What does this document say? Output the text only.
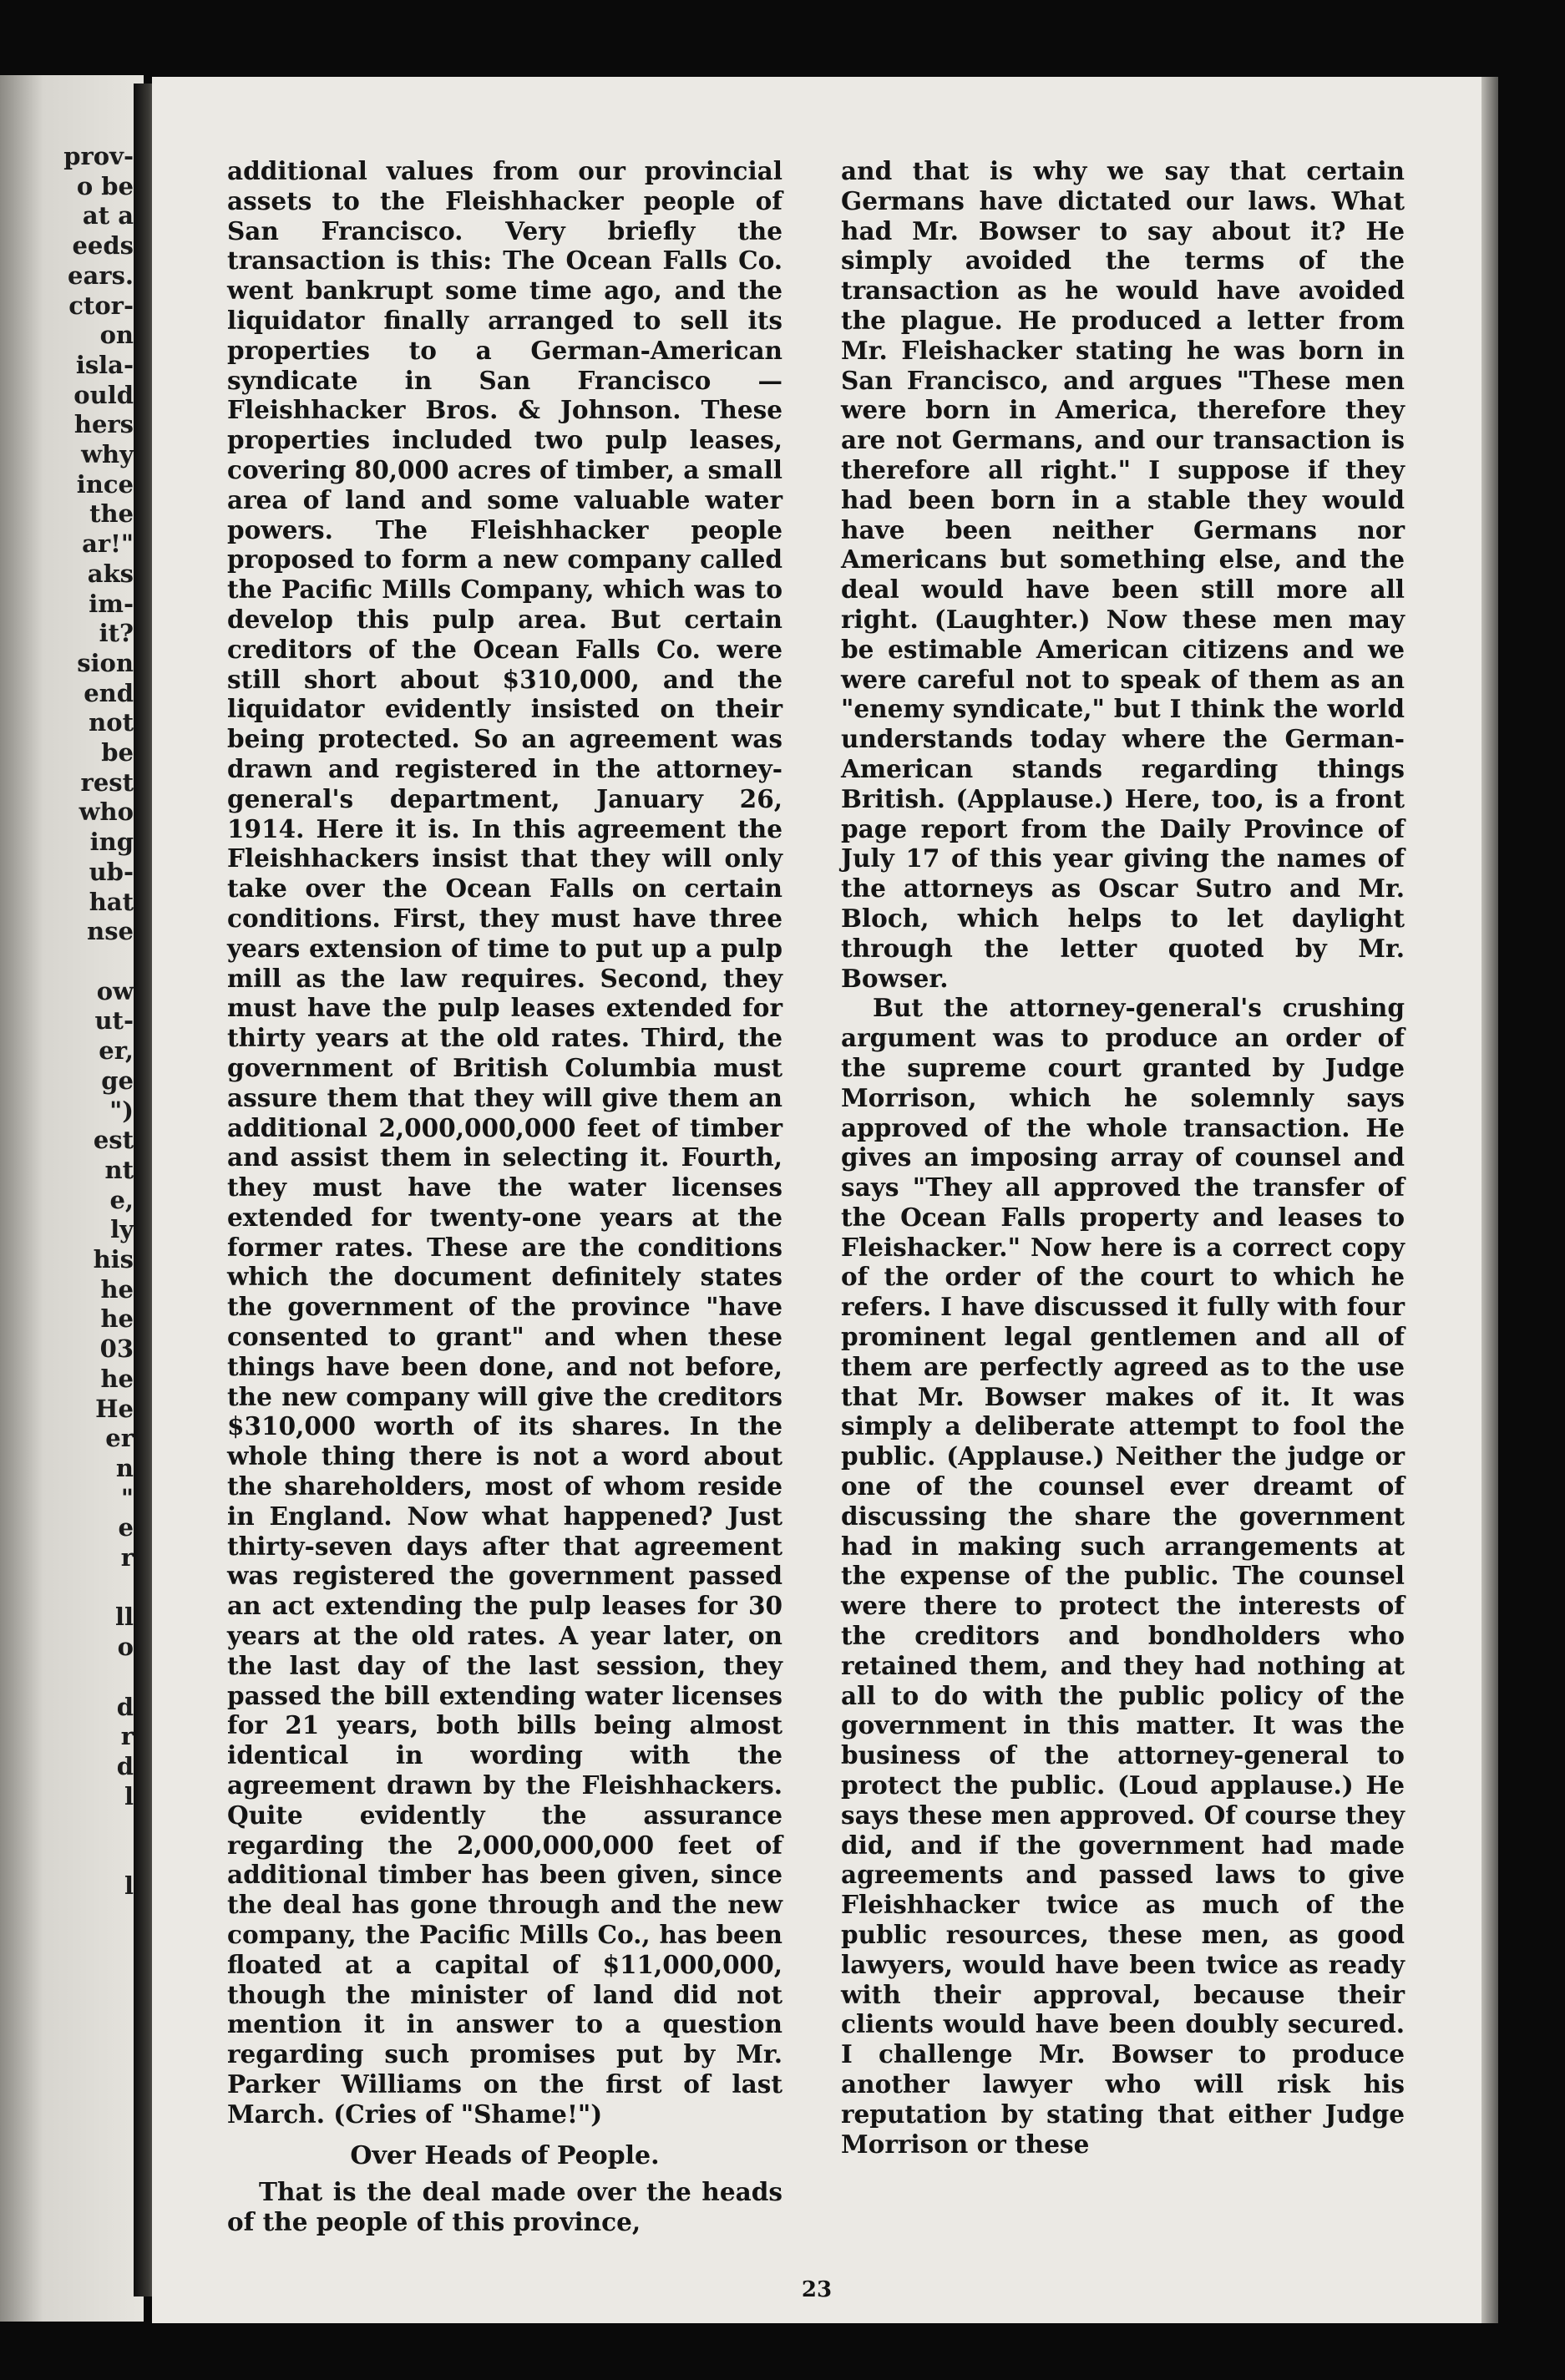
prov-
o be
at a
eeds
ears.
ctor-
on
isla-
ould
hers
why
ince
the
ar!"
aks
im-
it?
sion
end
not
be
rest
who
ing
ub-
hat
nse

ow
ut-
er,
ge
")
est
nt
e,
ly
his
he
he
03
he
He
er
n
"
e
r

ll
o

d
r
d
l

l

additional values from our provincial assets to the Fleishhacker people of San Francisco. Very briefly the transaction is this: The Ocean Falls Co. went bankrupt some time ago, and the liquidator finally arranged to sell its properties to a German-American syndicate in San Francisco —Fleishhacker Bros. & Johnson. These properties included two pulp leases, covering 80,000 acres of timber, a small area of land and some valuable water powers. The Fleishhacker people proposed to form a new company called the Pacific Mills Company, which was to develop this pulp area. But certain creditors of the Ocean Falls Co. were still short about $310,000, and the liquidator evidently insisted on their being protected. So an agreement was drawn and registered in the attorney-general's department, January 26, 1914. Here it is. In this agreement the Fleishhackers insist that they will only take over the Ocean Falls on certain conditions. First, they must have three years extension of time to put up a pulp mill as the law requires. Second, they must have the pulp leases extended for thirty years at the old rates. Third, the government of British Columbia must assure them that they will give them an additional 2,000,000,000 feet of timber and assist them in selecting it. Fourth, they must have the water licenses extended for twenty-one years at the former rates. These are the conditions which the document definitely states the government of the province "have consented to grant" and when these things have been done, and not before, the new company will give the creditors $310,000 worth of its shares. In the whole thing there is not a word about the shareholders, most of whom reside in England. Now what happened? Just thirty-seven days after that agreement was registered the government passed an act extending the pulp leases for 30 years at the old rates. A year later, on the last day of the last session, they passed the bill extending water licenses for 21 years, both bills being almost identical in wording with the agreement drawn by the Fleishhackers. Quite evidently the assurance regarding the 2,000,000,000 feet of additional timber has been given, since the deal has gone through and the new company, the Pacific Mills Co., has been floated at a capital of $11,000,000, though the minister of land did not mention it in answer to a question regarding such promises put by Mr. Parker Williams on the first of last March. (Cries of "Shame!")

Over Heads of People.

That is the deal made over the heads of the people of this province,

and that is why we say that certain Germans have dictated our laws. What had Mr. Bowser to say about it? He simply avoided the terms of the transaction as he would have avoided the plague. He produced a letter from Mr. Fleishacker stating he was born in San Francisco, and argues "These men were born in America, therefore they are not Germans, and our transaction is therefore all right." I suppose if they had been born in a stable they would have been neither Germans nor Americans but something else, and the deal would have been still more all right. (Laughter.) Now these men may be estimable American citizens and we were careful not to speak of them as an "enemy syndicate," but I think the world understands today where the German-American stands regarding things British. (Applause.) Here, too, is a front page report from the Daily Province of July 17 of this year giving the names of the attorneys as Oscar Sutro and Mr. Bloch, which helps to let daylight through the letter quoted by Mr. Bowser.

But the attorney-general's crushing argument was to produce an order of the supreme court granted by Judge Morrison, which he solemnly says approved of the whole transaction. He gives an imposing array of counsel and says "They all approved the transfer of the Ocean Falls property and leases to Fleishacker." Now here is a correct copy of the order of the court to which he refers. I have discussed it fully with four prominent legal gentlemen and all of them are perfectly agreed as to the use that Mr. Bowser makes of it. It was simply a deliberate attempt to fool the public. (Applause.) Neither the judge or one of the counsel ever dreamt of discussing the share the government had in making such arrangements at the expense of the public. The counsel were there to protect the interests of the creditors and bondholders who retained them, and they had nothing at all to do with the public policy of the government in this matter. It was the business of the attorney-general to protect the public. (Loud applause.) He says these men approved. Of course they did, and if the government had made agreements and passed laws to give Fleishhacker twice as much of the public resources, these men, as good lawyers, would have been twice as ready with their approval, because their clients would have been doubly secured. I challenge Mr. Bowser to produce another lawyer who will risk his reputation by stating that either Judge Morrison or these

23
